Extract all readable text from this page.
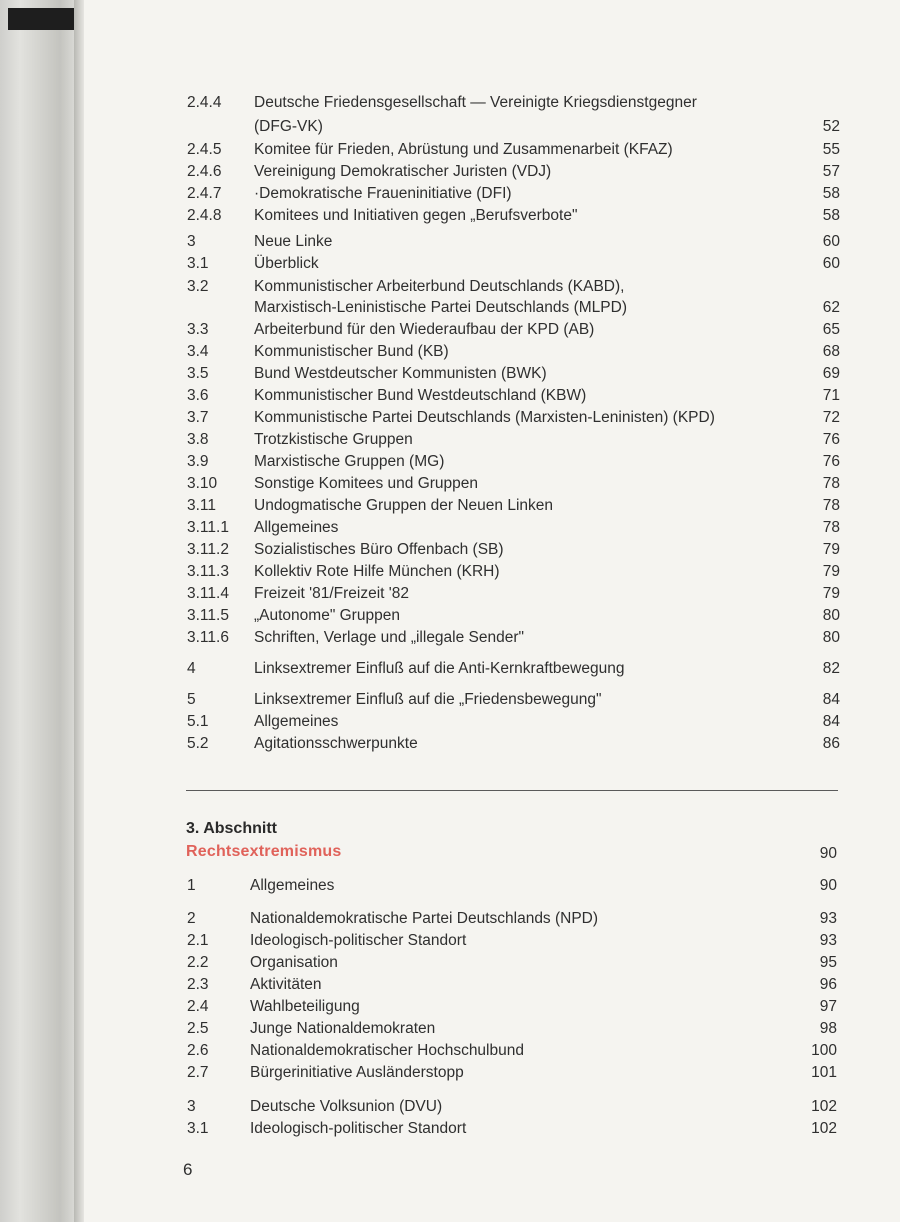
2.4.4 Deutsche Friedensgesellschaft — Vereinigte Kriegsdienstgegner
(DFG-VK)	52
2.4.5 Komitee für Frieden, Abrüstung und Zusammenarbeit (KFAZ)	55
2.4.6 Vereinigung Demokratischer Juristen (VDJ)	57
2.4.7 ·Demokratische Fraueninitiative (DFI)	58
2.4.8 Komitees und Initiativen gegen „Berufsverbote"	58
3	Neue Linke	60
3.1	Überblick	60
3.2	Kommunistischer Arbeiterbund Deutschlands (KABD),
Marxistisch-Leninistische Partei Deutschlands (MLPD)	62
3.3	Arbeiterbund für den Wiederaufbau der KPD (AB)	65
3.4	Kommunistischer Bund (KB)	68
3.5	Bund Westdeutscher Kommunisten (BWK)	69
3.6	Kommunistischer Bund Westdeutschland (KBW)	71
3.7	Kommunistische Partei Deutschlands (Marxisten-Leninisten) (KPD)	72
3.8	Trotzkistische Gruppen	76
3.9	Marxistische Gruppen (MG)	76
3.10 Sonstige Komitees und Gruppen	78
3.11 Undogmatische Gruppen der Neuen Linken	78
3.11.1 Allgemeines	78
3.11.2 Sozialistisches Büro Offenbach (SB)	79
3.11.3 Kollektiv Rote Hilfe München (KRH)	79
3.11.4 Freizeit '81/Freizeit '82	79
3.11.5 „Autonome" Gruppen	80
3.11.6 Schriften, Verlage und „illegale Sender"	80
4	Linksextremer Einfluß auf die Anti-Kernkraftbewegung	82
5	Linksextremer Einfluß auf die „Friedensbewegung"	84
5.1	Allgemeines	84
5.2	Agitationsschwerpunkte	86
3. Abschnitt
Rechtsextremismus	90
1	Allgemeines	90
2	Nationaldemokratische Partei Deutschlands (NPD)	93
2.1	Ideologisch-politischer Standort	93
2.2	Organisation	95
2.3	Aktivitäten	96
2.4	Wahlbeteiligung	97
2.5	Junge Nationaldemokraten	98
2.6	Nationaldemokratischer Hochschulbund	100
2.7	Bürgerinitiative Ausländerstopp	101
3	Deutsche Volksunion (DVU)	102
3.1	Ideologisch-politischer Standort	102
6
